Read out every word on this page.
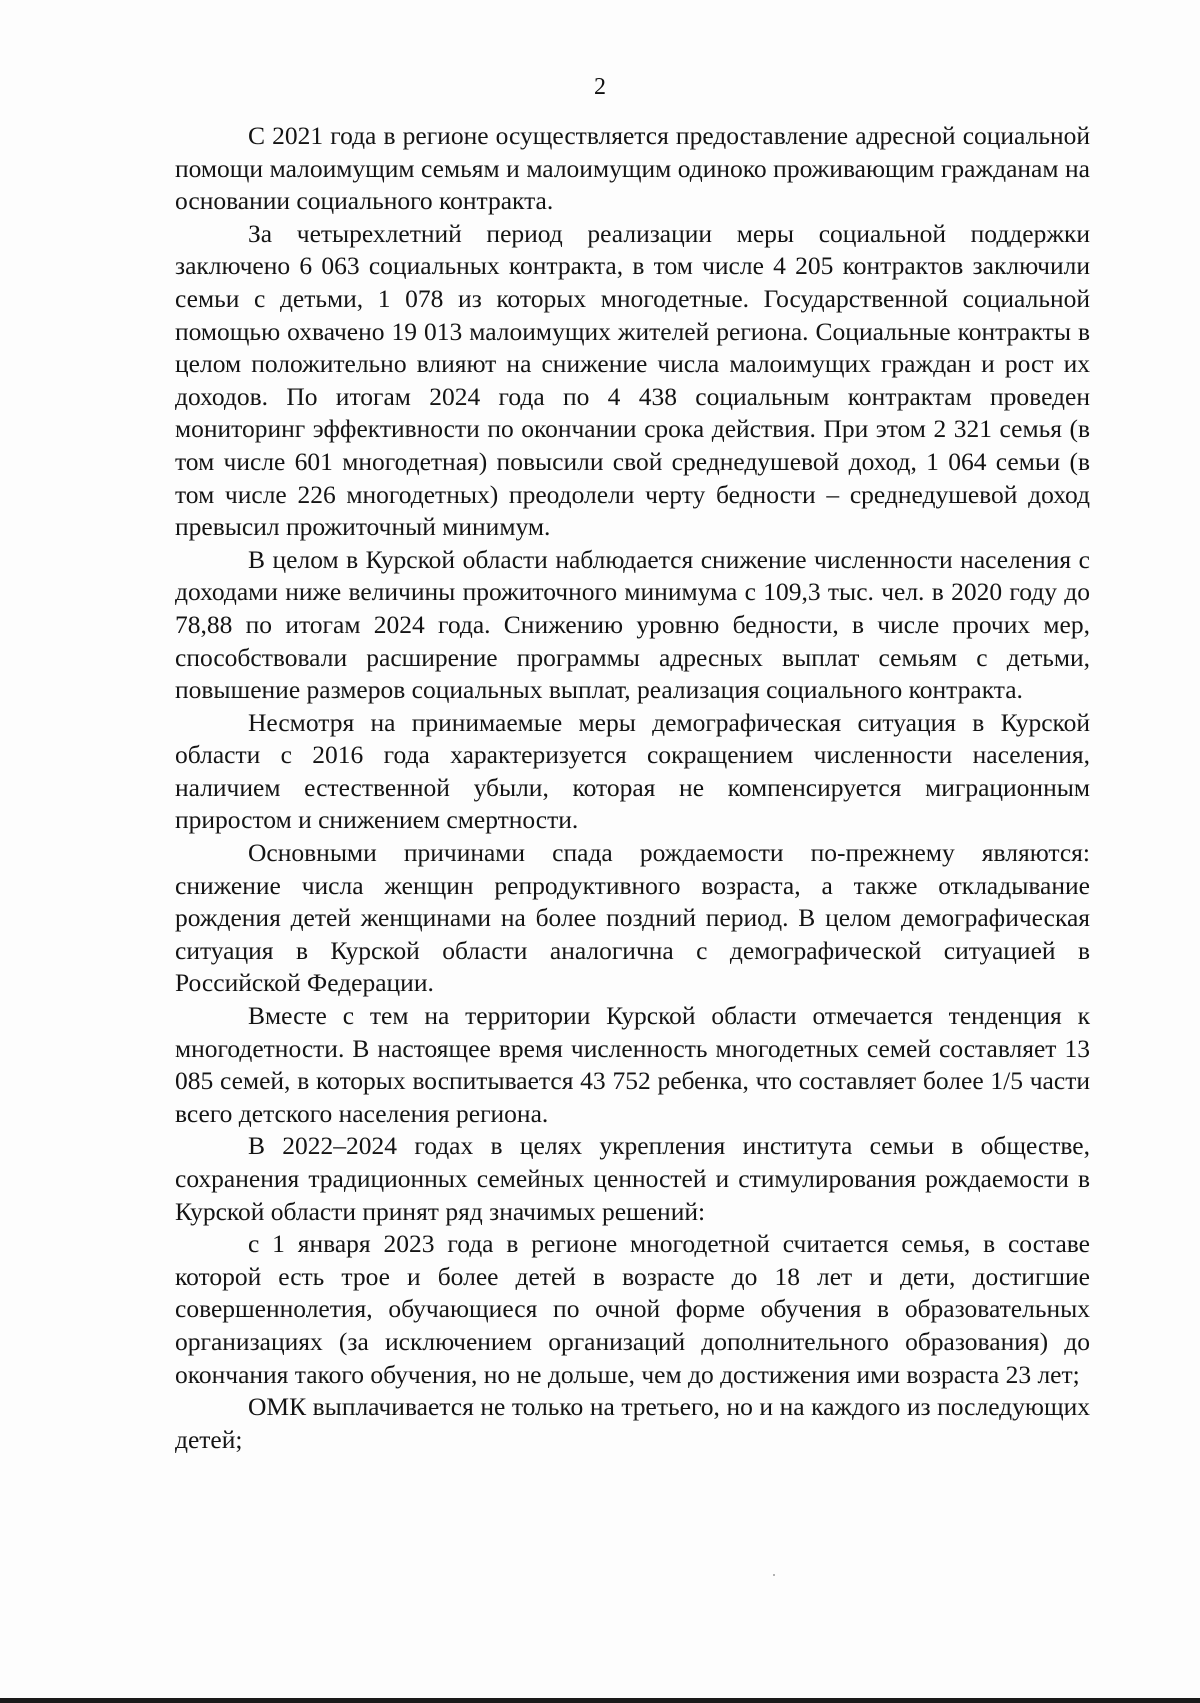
2

С 2021 года в регионе осуществляется предоставление адресной социальной помощи малоимущим семьям и малоимущим одиноко проживающим гражданам на основании социального контракта.

За четырехлетний период реализации меры социальной поддержки заключено 6 063 социальных контракта, в том числе 4 205 контрактов заключили семьи с детьми, 1 078 из которых многодетные. Государственной социальной помощью охвачено 19 013 малоимущих жителей региона. Социальные контракты в целом положительно влияют на снижение числа малоимущих граждан и рост их доходов. По итогам 2024 года по 4 438 социальным контрактам проведен мониторинг эффективности по окончании срока действия. При этом 2 321 семья (в том числе 601 многодетная) повысили свой среднедушевой доход, 1 064 семьи (в том числе 226 многодетных) преодолели черту бедности – среднедушевой доход превысил прожиточный минимум.

В целом в Курской области наблюдается снижение численности населения с доходами ниже величины прожиточного минимума с 109,3 тыс. чел. в 2020 году до 78,88 по итогам 2024 года. Снижению уровню бедности, в числе прочих мер, способствовали расширение программы адресных выплат семьям с детьми, повышение размеров социальных выплат, реализация социального контракта.

Несмотря на принимаемые меры демографическая ситуация в Курской области с 2016 года характеризуется сокращением численности населения, наличием естественной убыли, которая не компенсируется миграционным приростом и снижением смертности.

Основными причинами спада рождаемости по-прежнему являются: снижение числа женщин репродуктивного возраста, а также откладывание рождения детей женщинами на более поздний период. В целом демографическая ситуация в Курской области аналогична с демографической ситуацией в Российской Федерации.

Вместе с тем на территории Курской области отмечается тенденция к многодетности. В настоящее время численность многодетных семей составляет 13 085 семей, в которых воспитывается 43 752 ребенка, что составляет более 1/5 части всего детского населения региона.

В 2022–2024 годах в целях укрепления института семьи в обществе, сохранения традиционных семейных ценностей и стимулирования рождаемости в Курской области принят ряд значимых решений:

с 1 января 2023 года в регионе многодетной считается семья, в составе которой есть трое и более детей в возрасте до 18 лет и дети, достигшие совершеннолетия, обучающиеся по очной форме обучения в образовательных организациях (за исключением организаций дополнительного образования) до окончания такого обучения, но не дольше, чем до достижения ими возраста 23 лет;

ОМК выплачивается не только на третьего, но и на каждого из последующих детей;
